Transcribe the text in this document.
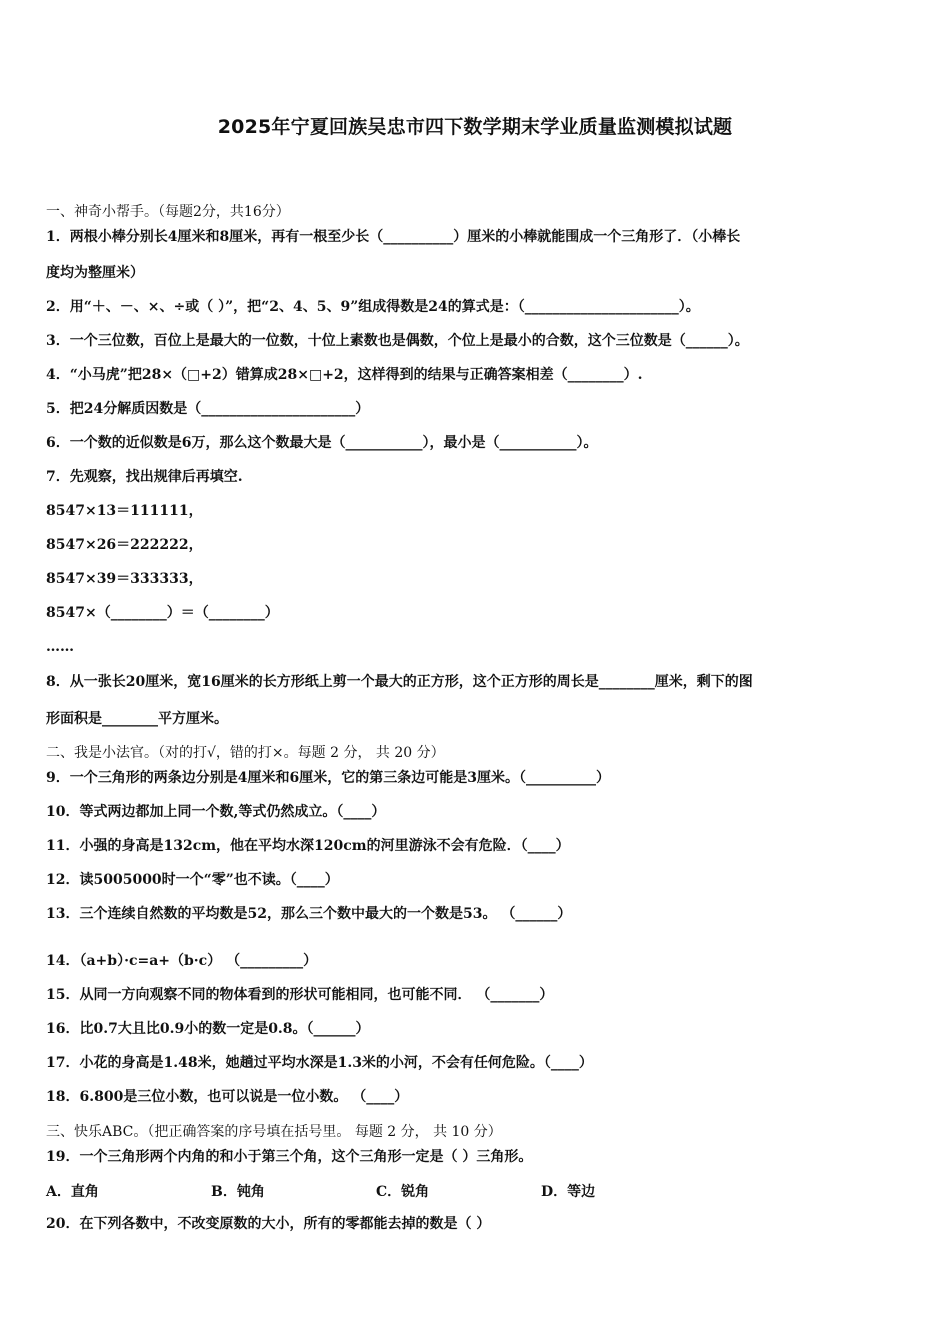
2025年宁夏回族吴忠市四下数学期末学业质量监测模拟试题
一、神奇小帮手。（每题2分，共16分）
1．两根小棒分别长4厘米和8厘米，再有一根至少长（__________）厘米的小棒就能围成一个三角形了．（小棒长
度均为整厘米）
2．用“＋、－、×、÷或（ ）”，把“2、4、5、9”组成得数是24的算式是：（______________________）。
3．一个三位数，百位上是最大的一位数，十位上素数也是偶数，个位上是最小的合数，这个三位数是（______）。
4．“小马虎”把28×（□+2）错算成28×□+2，这样得到的结果与正确答案相差（________）.
5．把24分解质因数是（______________________）
6．一个数的近似数是6万，那么这个数最大是（___________），最小是（___________）。
7．先观察，找出规律后再填空.
8547×13＝111111，
8547×26＝222222，
8547×39＝333333，
8547×（________）＝（________）
……
8．从一张长20厘米，宽16厘米的长方形纸上剪一个最大的正方形，这个正方形的周长是________厘米，剩下的图
形面积是________平方厘米。
二、我是小法官。（对的打√，错的打×。每题 2 分， 共 20 分）
9．一个三角形的两条边分别是4厘米和6厘米，它的第三条边可能是3厘米。（__________）
10．等式两边都加上同一个数,等式仍然成立。（____）
11．小强的身高是132cm，他在平均水深120cm的河里游泳不会有危险．（____）
12．读5005000时一个“零”也不读。（____）
13．三个连续自然数的平均数是52，那么三个数中最大的一个数是53。 （______）
14．（a+b）·c=a+（b·c） （_________）
15．从同一方向观察不同的物体看到的形状可能相同，也可能不同． （_______）
16．比0.7大且比0.9小的数一定是0.8。（______）
17．小花的身高是1.48米，她趟过平均水深是1.3米的小河，不会有任何危险。（____）
18．6.800是三位小数，也可以说是一位小数。 （____）
三、快乐ABC。（把正确答案的序号填在括号里。 每题 2 分， 共 10 分）
19．一个三角形两个内角的和小于第三个角，这个三角形一定是（ ）三角形。
A．直角	B．钝角	C．锐角	D．等边
20．在下列各数中，不改变原数的大小，所有的零都能去掉的数是（ ）
